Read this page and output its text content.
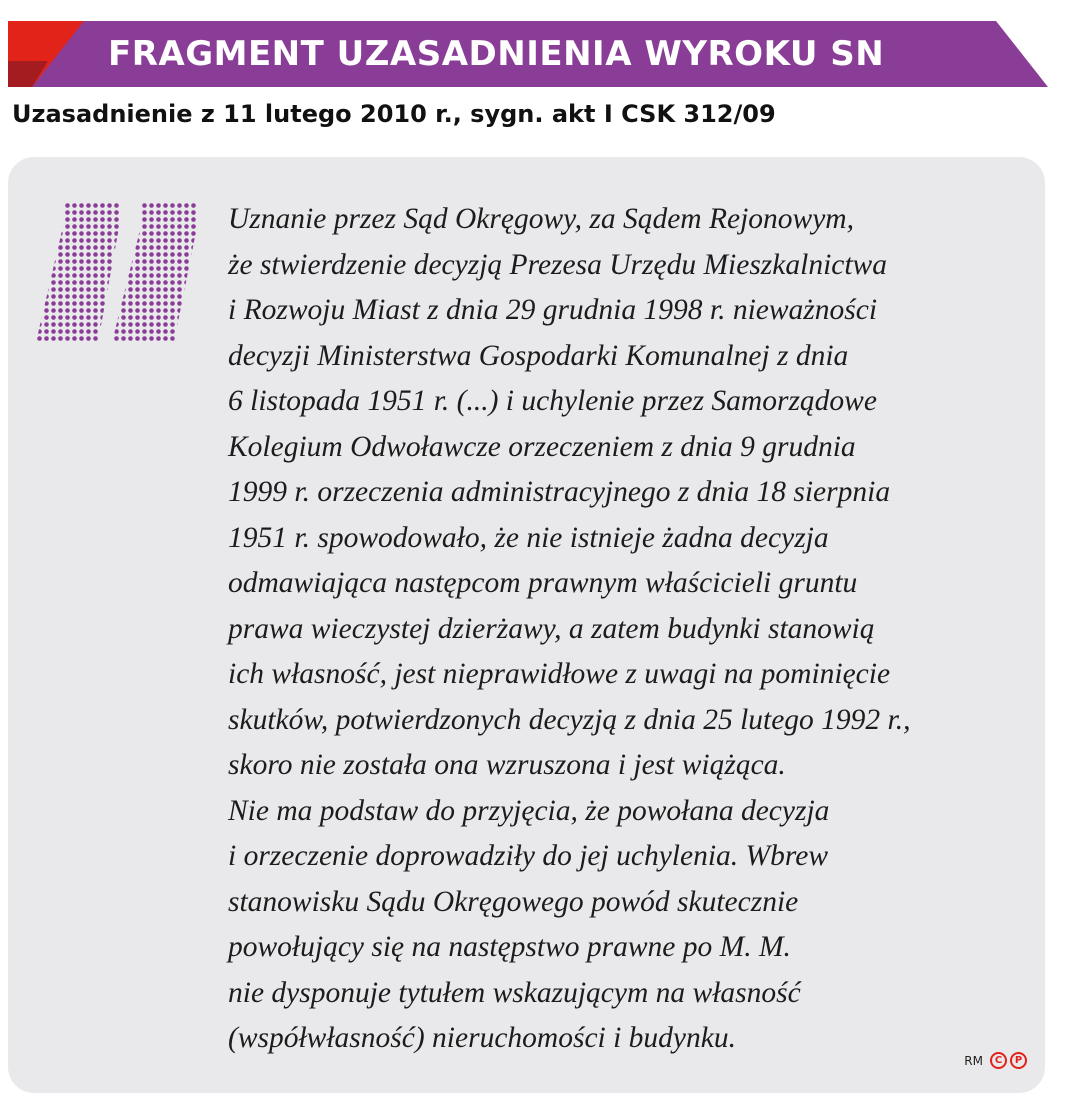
FRAGMENT UZASADNIENIA WYROKU SN
Uzasadnienie z 11 lutego 2010 r., sygn. akt I CSK 312/09
Uznanie przez Sąd Okręgowy, za Sądem Rejonowym,
że stwierdzenie decyzją Prezesa Urzędu Mieszkalnictwa
i Rozwoju Miast z dnia 29 grudnia 1998 r. nieważności
decyzji Ministerstwa Gospodarki Komunalnej z dnia
6 listopada 1951 r. (...) i uchylenie przez Samorządowe
Kolegium Odwoławcze orzeczeniem z dnia 9 grudnia
1999 r. orzeczenia administracyjnego z dnia 18 sierpnia
1951 r. spowodowało, że nie istnieje żadna decyzja
odmawiająca następcom prawnym właścicieli gruntu
prawa wieczystej dzierżawy, a zatem budynki stanowią
ich własność, jest nieprawidłowe z uwagi na pominięcie
skutków, potwierdzonych decyzją z dnia 25 lutego 1992 r.,
skoro nie została ona wzruszona i jest wiążąca.
Nie ma podstaw do przyjęcia, że powołana decyzja
i orzeczenie doprowadziły do jej uchylenia. Wbrew
stanowisku Sądu Okręgowego powód skutecznie
powołujący się na następstwo prawne po M. M.
nie dysponuje tytułem wskazującym na własność
(współwłasność) nieruchomości i budynku.
RM	C	P
